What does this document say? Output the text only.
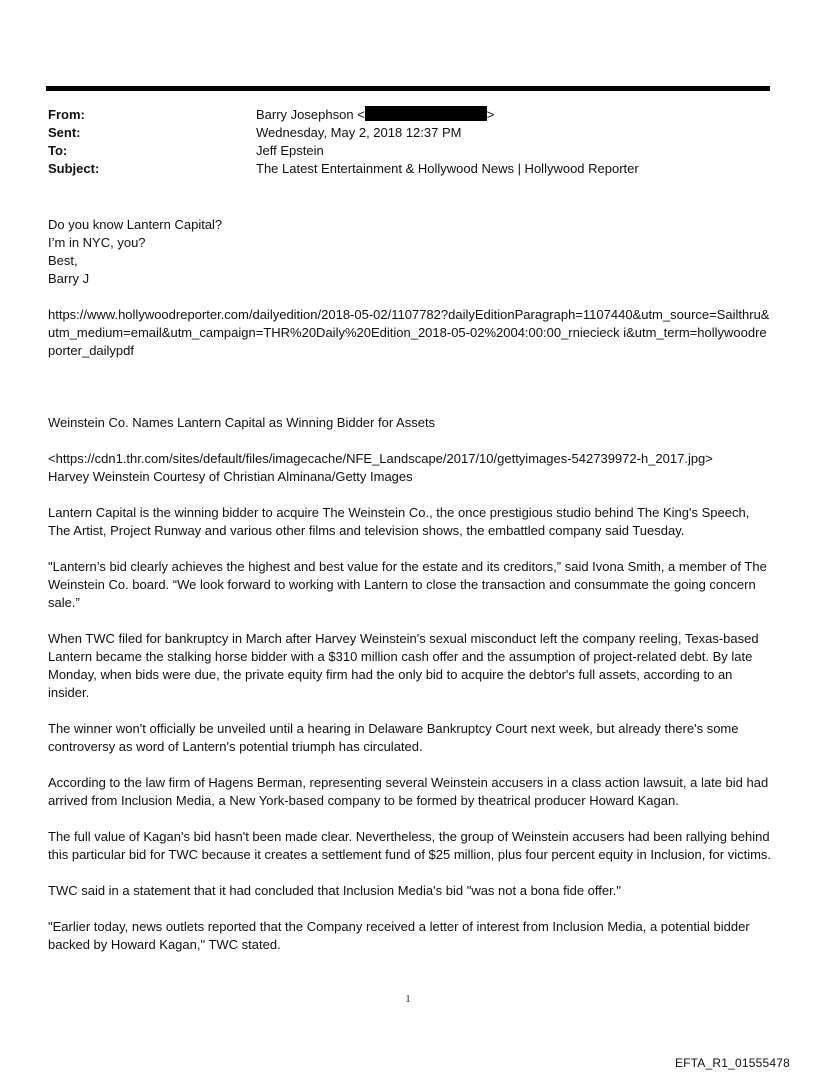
From:	Barry Josephson <	>
Sent:	Wednesday, May 2, 2018 12:37 PM
To:	Jeff Epstein
Subject:	The Latest Entertainment & Hollywood News | Hollywood Reporter

Do you know Lantern Capital?

I’m in NYC, you?

Best,

Barry J

https://www.hollywoodreporter.com/dailyedition/2018-05-02/1107782?dailyEditionParagraph=1107440&utm_source=Sailthru&utm_medium=email&utm_campaign=THR%20Daily%20Edition_2018-05-02%2004:00:00_rniecieck i&utm_term=hollywoodreporter_dailypdf

Weinstein Co. Names Lantern Capital as Winning Bidder for Assets

<https://cdn1.thr.com/sites/default/files/imagecache/NFE_Landscape/2017/10/gettyimages-542739972-h_2017.jpg>

Harvey Weinstein Courtesy of Christian Alminana/Getty Images

Lantern Capital is the winning bidder to acquire The Weinstein Co., the once prestigious studio behind The King's Speech, The Artist, Project Runway and various other films and television shows, the embattled company said Tuesday.

"Lantern’s bid clearly achieves the highest and best value for the estate and its creditors,” said Ivona Smith, a member of The Weinstein Co. board. “We look forward to working with Lantern to close the transaction and consummate the going concern sale.”

When TWC filed for bankruptcy in March after Harvey Weinstein's sexual misconduct left the company reeling, Texas-based Lantern became the stalking horse bidder with a $310 million cash offer and the assumption of project-related debt. By late Monday, when bids were due, the private equity firm had the only bid to acquire the debtor's full assets, according to an insider.

The winner won't officially be unveiled until a hearing in Delaware Bankruptcy Court next week, but already there's some controversy as word of Lantern's potential triumph has circulated.

According to the law firm of Hagens Berman, representing several Weinstein accusers in a class action lawsuit, a late bid had arrived from Inclusion Media, a New York-based company to be formed by theatrical producer Howard Kagan.

The full value of Kagan's bid hasn't been made clear. Nevertheless, the group of Weinstein accusers had been rallying behind this particular bid for TWC because it creates a settlement fund of $25 million, plus four percent equity in Inclusion, for victims.

TWC said in a statement that it had concluded that Inclusion Media's bid "was not a bona fide offer."

"Earlier today, news outlets reported that the Company received a letter of interest from Inclusion Media, a potential bidder backed by Howard Kagan," TWC stated.

1
EFTA_R1_01555478
